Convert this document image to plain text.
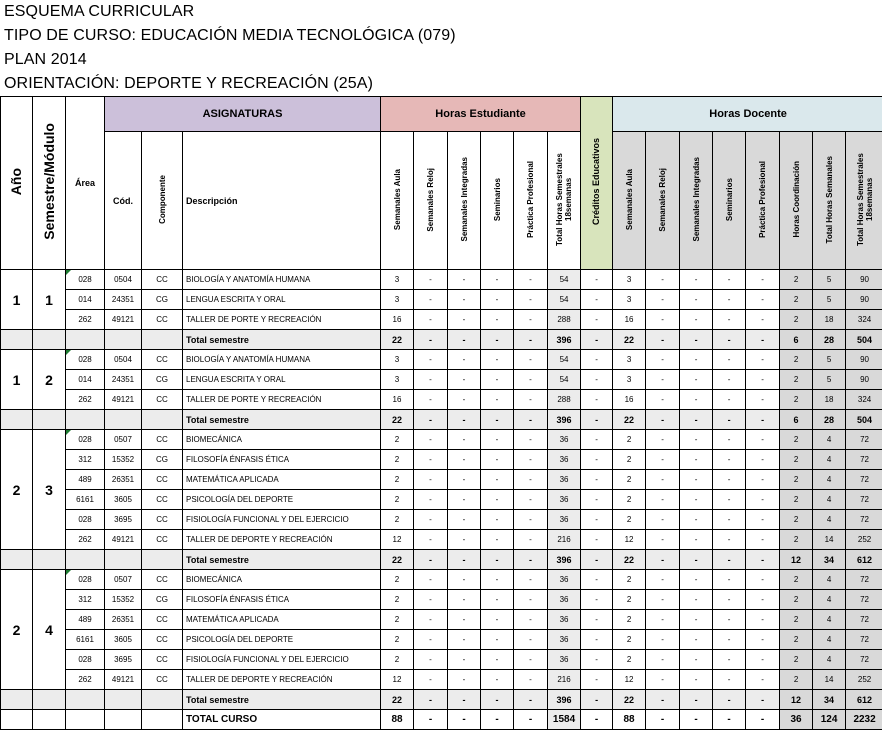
ESQUEMA CURRICULAR
TIPO DE CURSO: EDUCACIÓN MEDIA TECNOLÓGICA (079)
PLAN 2014
ORIENTACIÓN: DEPORTE Y RECREACIÓN (25A)
Año	Semestre/Módulo	Área	ASIGNATURAS			Horas Estudiante						Créditos Educativos	Horas Docente							
			Cód.	Componente	Descripción	Semanales Aula	Semanales Reloj	Semanales Integradas	Seminarios	Práctica Profesional	Total Horas Semestrales 18semanas		Semanales Aula	Semanales Reloj	Semanales Integradas	Seminarios	Práctica Profesional	Horas Coordinación	Total Horas Semanales	Total Horas Semestrales 18semanas
1	1	028	0504	CC	BIOLOGÍA Y ANATOMÍA HUMANA	3	-	-	-	-	54	-	3	-	-	-	-	2	5	90
		014	24351	CG	LENGUA ESCRITA Y ORAL	3	-	-	-	-	54	-	3	-	-	-	-	2	5	90
		262	49121	CC	TALLER DE PORTE Y RECREACIÓN	16	-	-	-	-	288	-	16	-	-	-	-	2	18	324
					Total semestre	22	-	-	-	-	396	-	22	-	-	-	-	6	28	504
1	2	028	0504	CC	BIOLOGÍA Y ANATOMÍA HUMANA	3	-	-	-	-	54	-	3	-	-	-	-	2	5	90
		014	24351	CG	LENGUA ESCRITA Y ORAL	3	-	-	-	-	54	-	3	-	-	-	-	2	5	90
		262	49121	CC	TALLER DE PORTE Y RECREACIÓN	16	-	-	-	-	288	-	16	-	-	-	-	2	18	324
					Total semestre	22	-	-	-	-	396	-	22	-	-	-	-	6	28	504
2	3	028	0507	CC	BIOMECÁNICA	2	-	-	-	-	36	-	2	-	-	-	-	2	4	72
		312	15352	CG	FILOSOFÍA ÉNFASIS ÉTICA	2	-	-	-	-	36	-	2	-	-	-	-	2	4	72
		489	26351	CC	MATEMÁTICA APLICADA	2	-	-	-	-	36	-	2	-	-	-	-	2	4	72
		6161	3605	CC	PSICOLOGÍA DEL DEPORTE	2	-	-	-	-	36	-	2	-	-	-	-	2	4	72
		028	3695	CC	FISIOLOGÍA FUNCIONAL Y DEL EJERCICIO	2	-	-	-	-	36	-	2	-	-	-	-	2	4	72
		262	49121	CC	TALLER DE DEPORTE Y RECREACIÓN	12	-	-	-	-	216	-	12	-	-	-	-	2	14	252
					Total semestre	22	-	-	-	-	396	-	22	-	-	-	-	12	34	612
2	4	028	0507	CC	BIOMECÁNICA	2	-	-	-	-	36	-	2	-	-	-	-	2	4	72
		312	15352	CG	FILOSOFÍA ÉNFASIS ÉTICA	2	-	-	-	-	36	-	2	-	-	-	-	2	4	72
		489	26351	CC	MATEMÁTICA APLICADA	2	-	-	-	-	36	-	2	-	-	-	-	2	4	72
		6161	3605	CC	PSICOLOGÍA DEL DEPORTE	2	-	-	-	-	36	-	2	-	-	-	-	2	4	72
		028	3695	CC	FISIOLOGÍA FUNCIONAL Y DEL EJERCICIO	2	-	-	-	-	36	-	2	-	-	-	-	2	4	72
		262	49121	CC	TALLER DE DEPORTE Y RECREACIÓN	12	-	-	-	-	216	-	12	-	-	-	-	2	14	252
					Total semestre	22	-	-	-	-	396	-	22	-	-	-	-	12	34	612
					TOTAL CURSO	88	-	-	-	-	1584	-	88	-	-	-	-	36	124	2232
